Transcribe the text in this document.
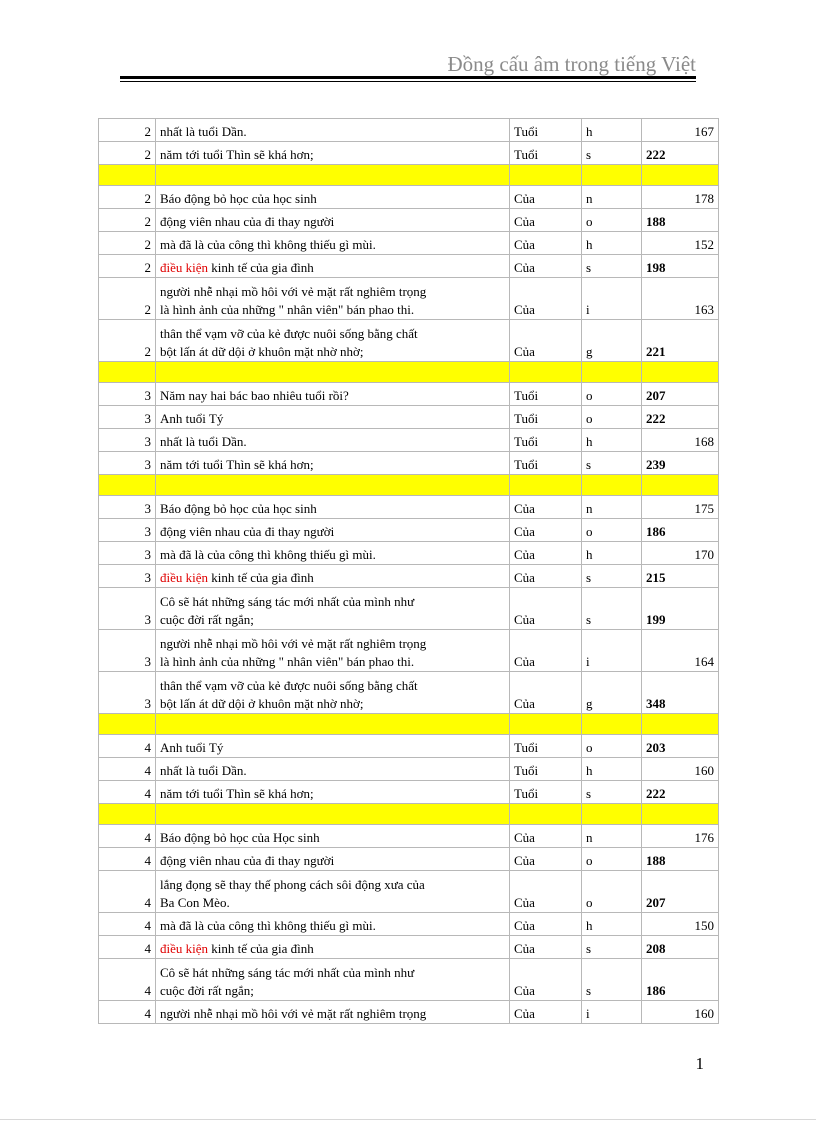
Đồng cấu âm trong tiếng Việt
2	nhất là tuổi Dần.	Tuổi	h	167
2	năm tới tuổi Thìn sẽ khá hơn;	Tuổi	s	222

2	Báo động bỏ học của học sinh	Của	n	178
2	động viên nhau của đi thay người	Của	o	188
2	mà đã là của công thì không thiếu gì mùi.	Của	h	152
2	điều kiện kinh tế của gia đình	Của	s	198
2	người nhễ nhại mồ hôi với vẻ mặt rất nghiêm trọng
là hình ảnh của những " nhân viên" bán phao thi.	Của	i	163
2	thân thể vạm vỡ của kẻ được nuôi sống bằng chất
bột lấn át dữ dội ở khuôn mặt nhờ nhờ;	Của	g	221

3	Năm nay hai bác bao nhiêu tuổi rồi?	Tuổi	o	207
3	Anh tuổi Tý	Tuổi	o	222
3	nhất là tuổi Dần.	Tuổi	h	168
3	năm tới tuổi Thìn sẽ khá hơn;	Tuổi	s	239

3	Báo động bỏ học của học sinh	Của	n	175
3	động viên nhau của đi thay người	Của	o	186
3	mà đã là của công thì không thiếu gì mùi.	Của	h	170
3	điều kiện kinh tế của gia đình	Của	s	215
3	Cô sẽ hát những sáng tác mới nhất của mình như
cuộc đời rất ngắn;	Của	s	199
3	người nhễ nhại mồ hôi với vẻ mặt rất nghiêm trọng
là hình ảnh của những " nhân viên" bán phao thi.	Của	i	164
3	thân thể vạm vỡ của kẻ được nuôi sống bằng chất
bột lấn át dữ dội ở khuôn mặt nhờ nhờ;	Của	g	348

4	Anh tuổi Tý	Tuổi	o	203
4	nhất là tuổi Dần.	Tuổi	h	160
4	năm tới tuổi Thìn sẽ khá hơn;	Tuổi	s	222

4	Báo động bỏ học của Học sinh	Của	n	176
4	động viên nhau của đi thay người	Của	o	188
4	lắng đọng sẽ thay thế phong cách sôi động xưa của
Ba Con Mèo.	Của	o	207
4	mà đã là của công thì không thiếu gì mùi.	Của	h	150
4	điều kiện kinh tế của gia đình	Của	s	208
4	Cô sẽ hát những sáng tác mới nhất của mình như
cuộc đời rất ngắn;	Của	s	186
4	người nhễ nhại mồ hôi với vẻ mặt rất nghiêm trọng	Của	i	160
1
